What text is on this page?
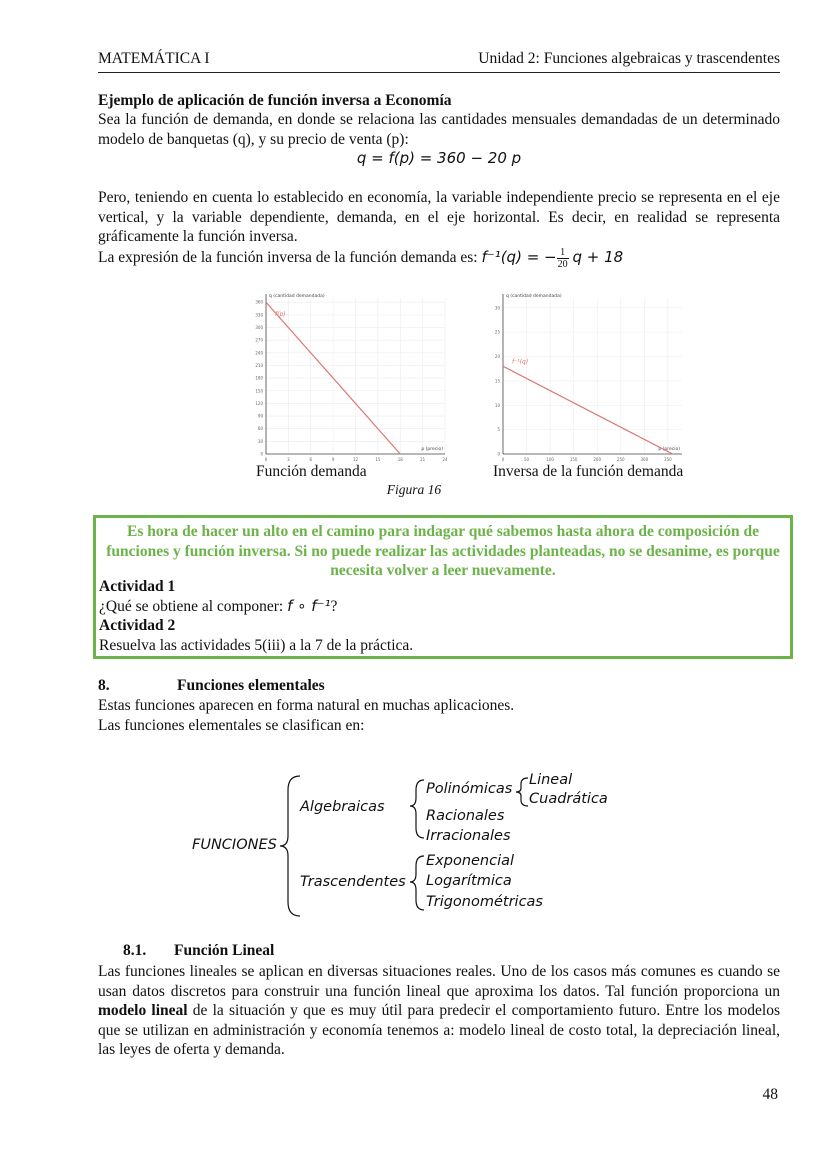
MATEMÁTICA I	Unidad 2: Funciones algebraicas y trascendentes
Ejemplo de aplicación de función inversa a Economía
Sea la función de demanda, en donde se relaciona las cantidades mensuales demandadas de un determinado modelo de banquetas (q), y su precio de venta (p):
q = f(p) = 360 − 20 p
Pero, teniendo en cuenta lo establecido en economía, la variable independiente precio se representa en el eje vertical, y la variable dependiente, demanda, en el eje horizontal. Es decir, en realidad se representa gráficamente la función inversa.
La expresión de la función inversa de la función demanda es: f⁻¹(q) = − $\frac{1}{20}$ q + 18
0	3	6	9	12	15	18	21	24
0
30
60
90
120
150
180
210
240
270
300
330
360
p (precio)
q (cantidad demandada)
f(p)
Función demanda
0	50	100	150	200	250	300	350
0
5
10
15
20
25
30
p (precio)
q (cantidad demandada)
f⁻¹(q)
Inversa de la función demanda
Figura 16
Es hora de hacer un alto en el camino para indagar qué sabemos hasta ahora de composición de funciones y función inversa. Si no puede realizar las actividades planteadas, no se desanime, es porque necesita volver a leer nuevamente.
Actividad 1
¿Qué se obtiene al componer: f ∘ f⁻¹?
Actividad 2
Resuelva las actividades 5(iii) a la 7 de la práctica.
8.	Funciones elementales
Estas funciones aparecen en forma natural en muchas aplicaciones.
Las funciones elementales se clasifican en:
FUNCIONES
Algebraicas
Polinómicas
Lineal
Cuadrática
Racionales
Irracionales
Trascendentes
Exponencial
Logarítmica
Trigonométricas
8.1. Función Lineal
Las funciones lineales se aplican en diversas situaciones reales. Uno de los casos más comunes es cuando se usan datos discretos para construir una función lineal que aproxima los datos. Tal función proporciona un modelo lineal de la situación y que es muy útil para predecir el comportamiento futuro. Entre los modelos que se utilizan en administración y economía tenemos a: modelo lineal de costo total, la depreciación lineal, las leyes de oferta y demanda.
48
